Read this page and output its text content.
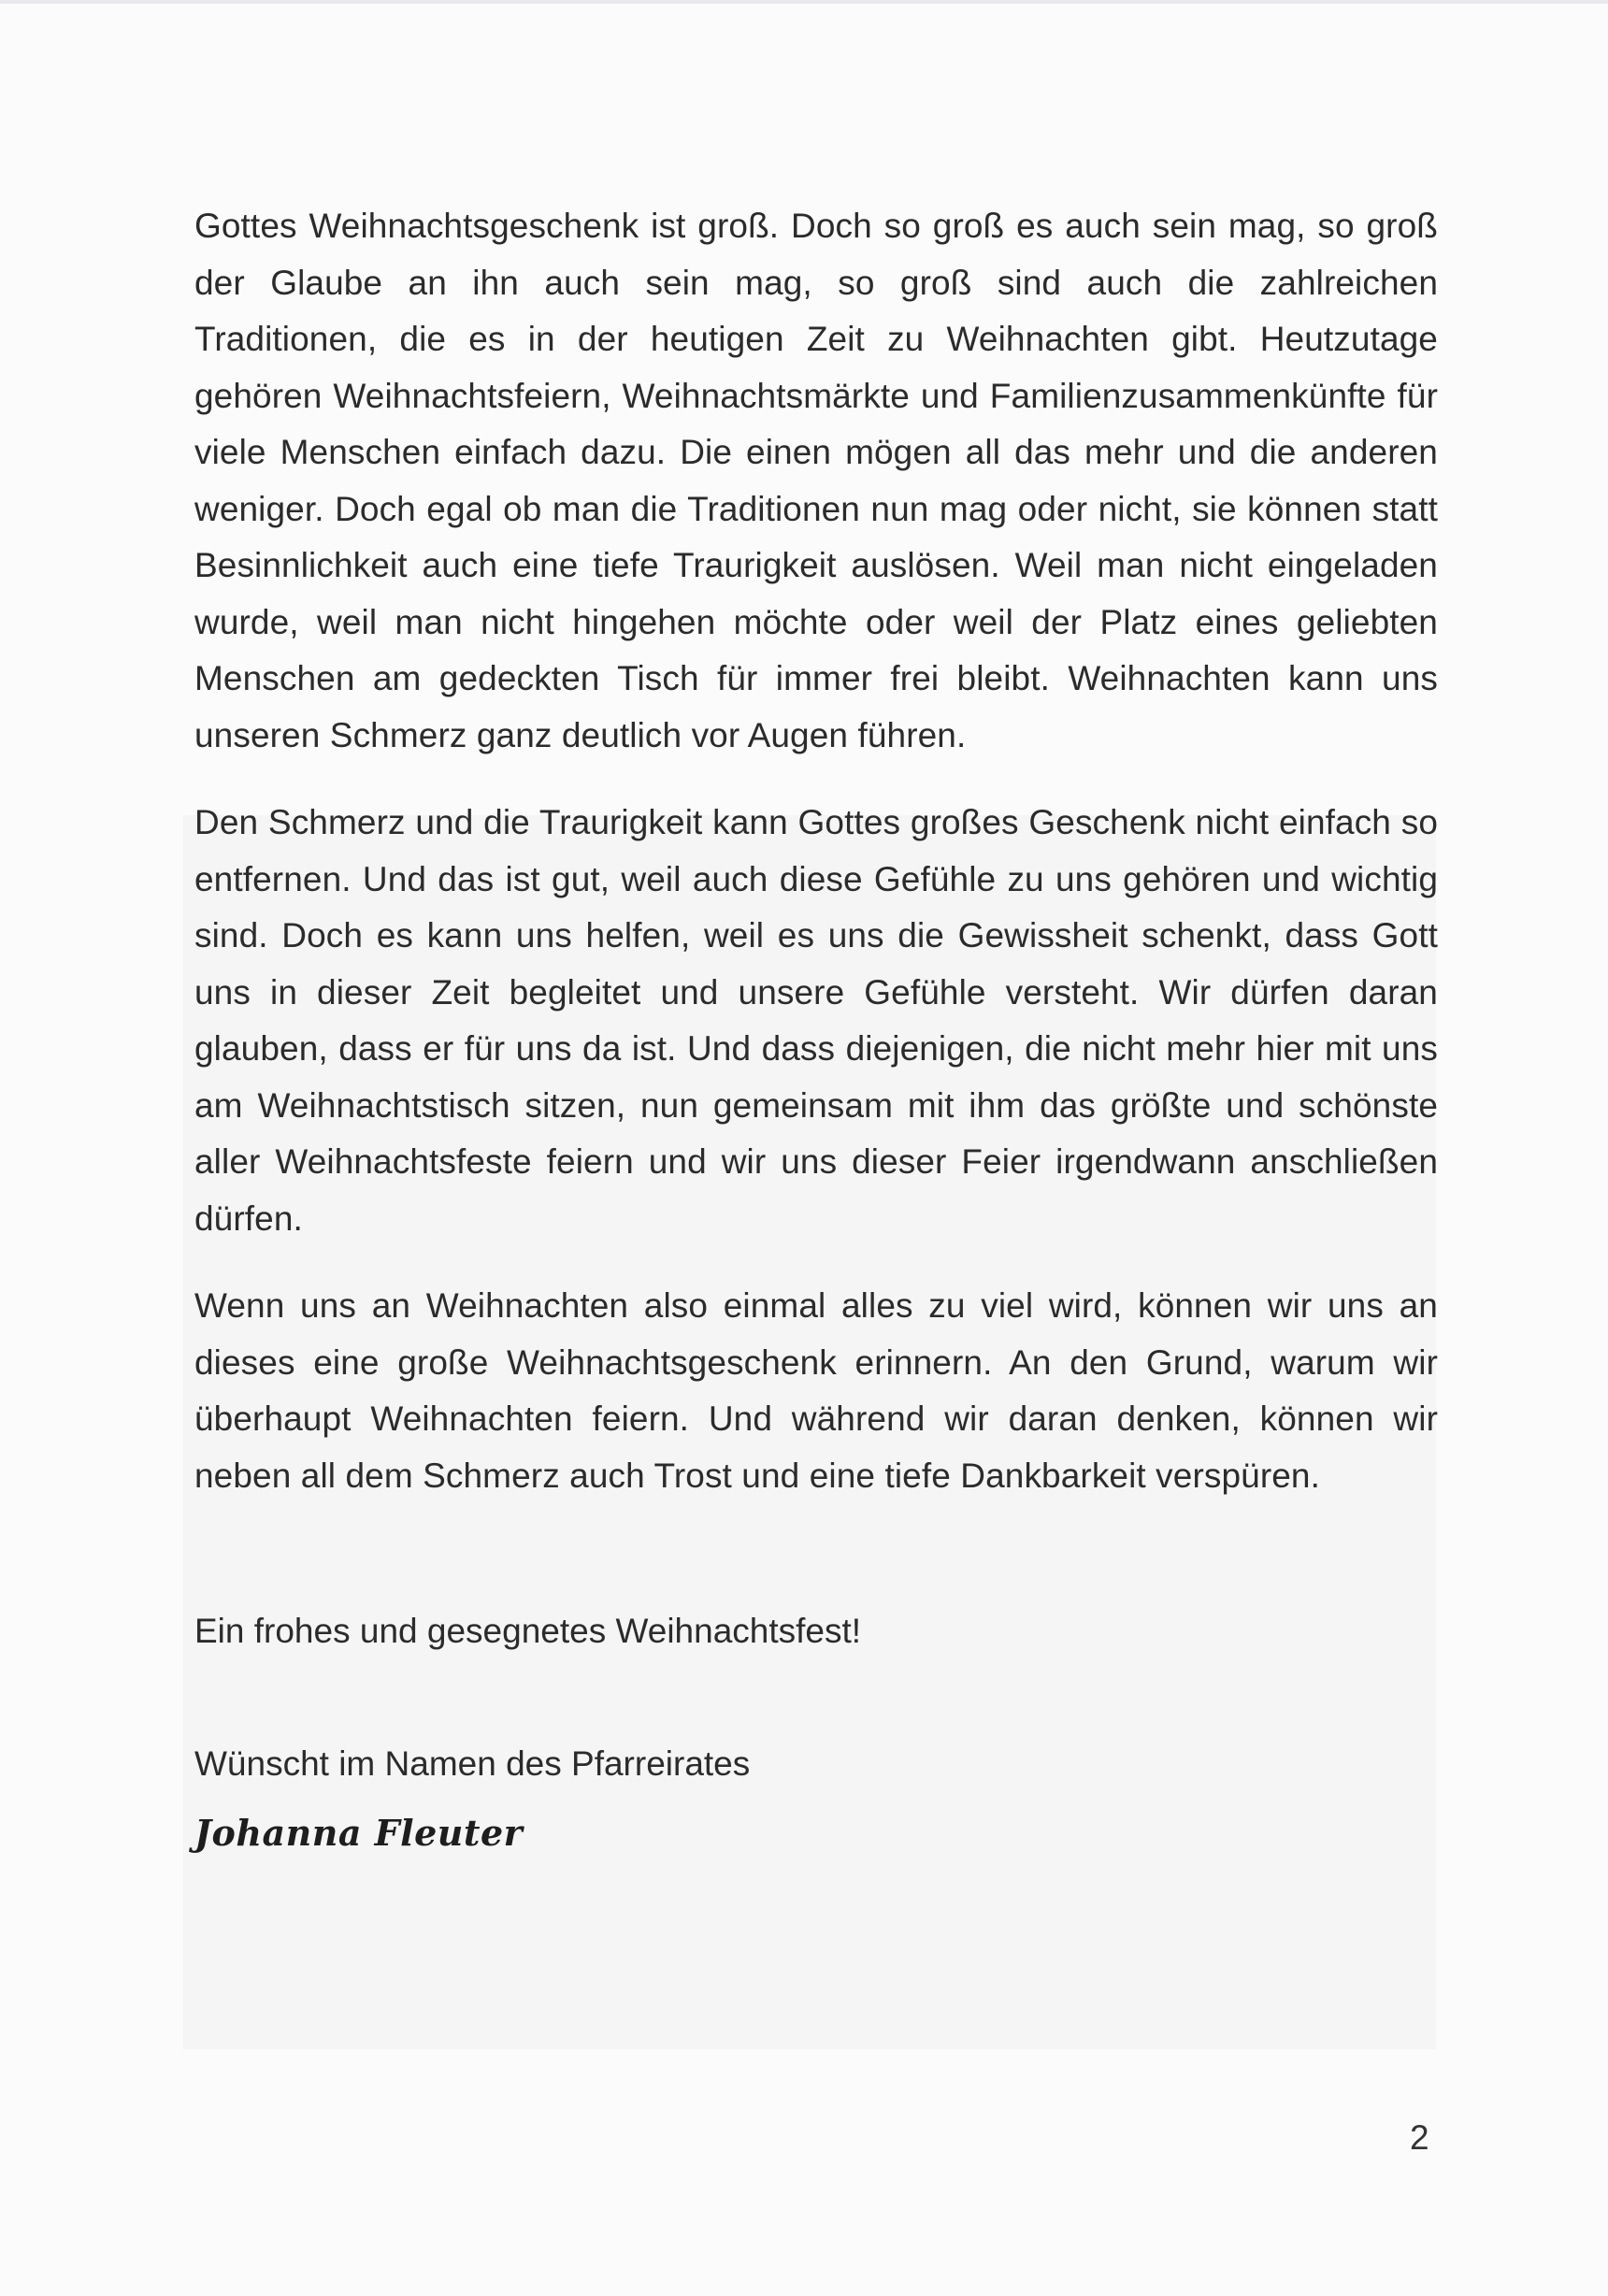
Gottes Weihnachtsgeschenk ist groß. Doch so groß es auch sein mag, so groß der Glaube an ihn auch sein mag, so groß sind auch die zahlreichen Traditionen, die es in der heutigen Zeit zu Weihnachten gibt. Heutzutage gehören Weihnachtsfeiern, Weihnachtsmärkte und Familienzusammenkünfte für viele Menschen einfach dazu. Die einen mögen all das mehr und die anderen weniger. Doch egal ob man die Traditionen nun mag oder nicht, sie können statt Besinnlichkeit auch eine tiefe Traurigkeit auslösen. Weil man nicht eingeladen wurde, weil man nicht hingehen möchte oder weil der Platz eines geliebten Menschen am gedeckten Tisch für immer frei bleibt. Weihnachten kann uns unseren Schmerz ganz deutlich vor Augen führen.

Den Schmerz und die Traurigkeit kann Gottes großes Geschenk nicht einfach so entfernen. Und das ist gut, weil auch diese Gefühle zu uns gehören und wichtig sind. Doch es kann uns helfen, weil es uns die Gewissheit schenkt, dass Gott uns in dieser Zeit begleitet und unsere Gefühle versteht. Wir dürfen daran glauben, dass er für uns da ist. Und dass diejenigen, die nicht mehr hier mit uns am Weihnachtstisch sitzen, nun gemeinsam mit ihm das größte und schönste aller Weihnachtsfeste feiern und wir uns dieser Feier irgendwann anschließen dürfen.

Wenn uns an Weihnachten also einmal alles zu viel wird, können wir uns an dieses eine große Weihnachtsgeschenk erinnern. An den Grund, warum wir überhaupt Weihnachten feiern. Und während wir daran denken, können wir neben all dem Schmerz auch Trost und eine tiefe Dankbarkeit verspüren.

Ein frohes und gesegnetes Weihnachtsfest!

Wünscht im Namen des Pfarreirates

Johanna Fleuter

2
